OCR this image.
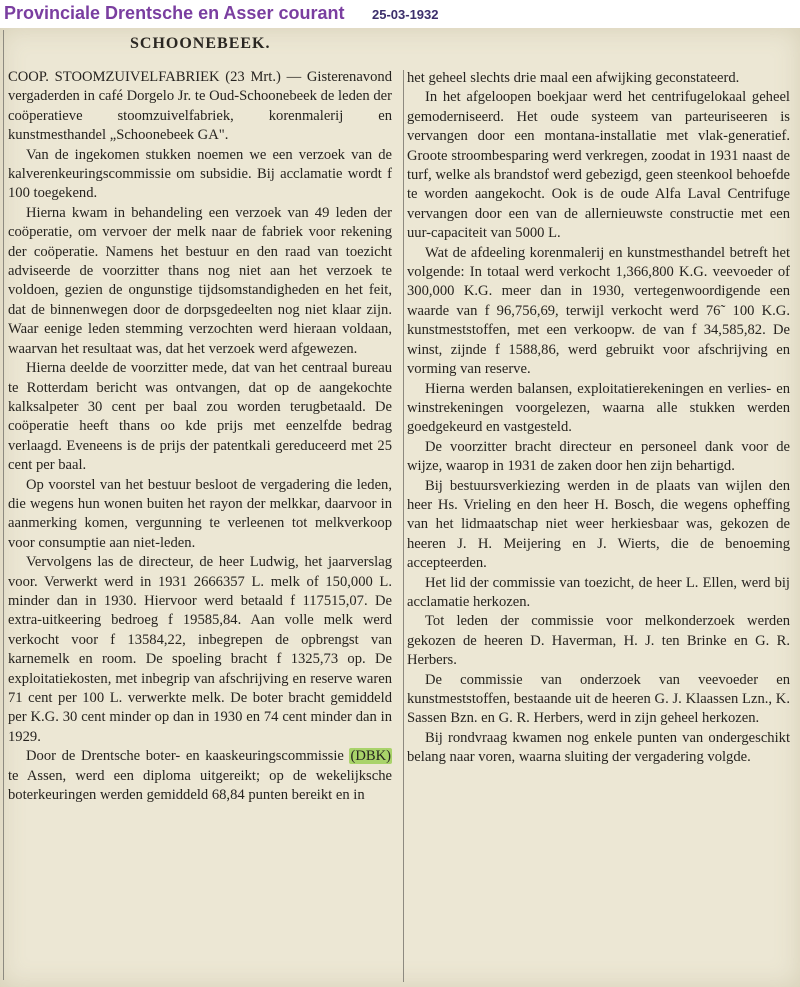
Provinciale Drentsche en Asser courant 25-03-1932
SCHOONEBEEK.

COOP. STOOMZUIVELFABRIEK (23 Mrt.) — Gisterenavond vergaderden in café Dorgelo Jr. te Oud-Schoonebeek de leden der coöperatieve stoomzuivelfabriek, korenmalerij en kunstmesthandel „Schoonebeek GA".

Van de ingekomen stukken noemen we een verzoek van de kalverenkeuringscommissie om subsidie. Bij acclamatie wordt f 100 toegekend.

Hierna kwam in behandeling een verzoek van 49 leden der coöperatie, om vervoer der melk naar de fabriek voor rekening der coöperatie. Namens het bestuur en den raad van toezicht adviseerde de voorzitter thans nog niet aan het verzoek te voldoen, gezien de ongunstige tijdsomstandigheden en het feit, dat de binnenwegen door de dorpsgedeelten nog niet klaar zijn. Waar eenige leden stemming verzochten werd hieraan voldaan, waarvan het resultaat was, dat het verzoek werd afgewezen.

Hierna deelde de voorzitter mede, dat van het centraal bureau te Rotterdam bericht was ontvangen, dat op de aangekochte kalksalpeter 30 cent per baal zou worden terugbetaald. De coöperatie heeft thans oo kde prijs met eenzelfde bedrag verlaagd. Eveneens is de prijs der patentkali gereduceerd met 25 cent per baal.

Op voorstel van het bestuur besloot de vergadering die leden, die wegens hun wonen buiten het rayon der melkkar, daarvoor in aanmerking komen, vergunning te verleenen tot melkverkoop voor consumptie aan niet-leden.

Vervolgens las de directeur, de heer Ludwig, het jaarverslag voor. Verwerkt werd in 1931 2666357 L. melk of 150,000 L. minder dan in 1930. Hiervoor werd betaald f 117515,07. De extra-uitkeering bedroeg f 19585,84. Aan volle melk werd verkocht voor f 13584,22, inbegrepen de opbrengst van karnemelk en room. De spoeling bracht f 1325,73 op. De exploitatiekosten, met inbegrip van afschrijving en reserve waren 71 cent per 100 L. verwerkte melk. De boter bracht gemiddeld per K.G. 30 cent minder op dan in 1930 en 74 cent minder dan in 1929.

Door de Drentsche boter- en kaaskeuringscommissie (DBK) te Assen, werd een diploma uitgereikt; op de wekelijksche boterkeuringen werden gemiddeld 68,84 punten bereikt en in

het geheel slechts drie maal een afwijking geconstateerd.

In het afgeloopen boekjaar werd het centrifugelokaal geheel gemoderniseerd. Het oude systeem van parteuriseeren is vervangen door een montana-installatie met vlak-generatief. Groote stroombesparing werd verkregen, zoodat in 1931 naast de turf, welke als brandstof werd gebezigd, geen steenkool behoefde te worden aangekocht. Ook is de oude Alfa Laval Centrifuge vervangen door een van de allernieuwste constructie met een uur-capaciteit van 5000 L.

Wat de afdeeling korenmalerij en kunstmesthandel betreft het volgende: In totaal werd verkocht 1,366,800 K.G. veevoeder of 300,000 K.G. meer dan in 1930, vertegenwoordigende een waarde van f 96,756,69, terwijl verkocht werd 76˜ 100 K.G. kunstmeststoffen, met een verkoopw. de van f 34,585,82. De winst, zijnde f 1588,86, werd gebruikt voor afschrijving en vorming van reserve.

Hierna werden balansen, exploitatierekeningen en verlies- en winstrekeningen voorgelezen, waarna alle stukken werden goedgekeurd en vastgesteld.

De voorzitter bracht directeur en personeel dank voor de wijze, waarop in 1931 de zaken door hen zijn behartigd.

Bij bestuursverkiezing werden in de plaats van wijlen den heer Hs. Vrieling en den heer H. Bosch, die wegens opheffing van het lidmaatschap niet weer herkiesbaar was, gekozen de heeren J. H. Meijering en J. Wierts, die de benoeming accepteerden.

Het lid der commissie van toezicht, de heer L. Ellen, werd bij acclamatie herkozen.

Tot leden der commissie voor melkonderzoek werden gekozen de heeren D. Haverman, H. J. ten Brinke en G. R. Herbers.

De commissie van onderzoek van veevoeder en kunstmeststoffen, bestaande uit de heeren G. J. Klaassen Lzn., K. Sassen Bzn. en G. R. Herbers, werd in zijn geheel herkozen.

Bij rondvraag kwamen nog enkele punten van ondergeschikt belang naar voren, waarna sluiting der vergadering volgde.
